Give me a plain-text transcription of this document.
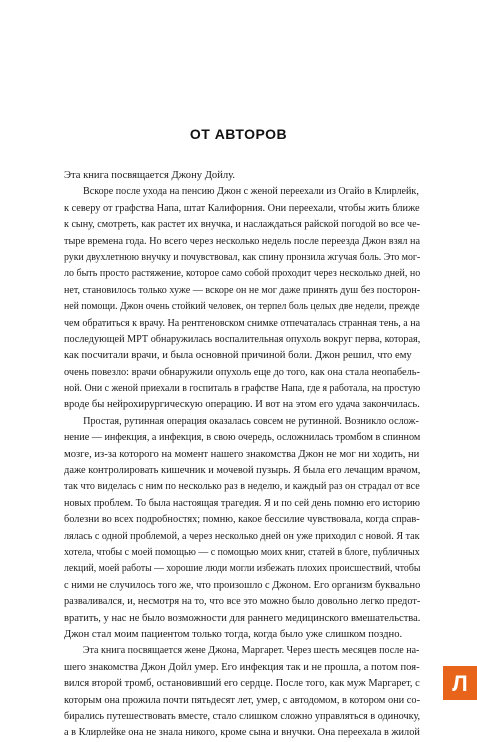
ОТ АВТОРОВ
Эта книга посвящается Джону Дойлу.
Вскоре после ухода на пенсию Джон с женой переехали из Огайо в Клирлейк,
к северу от графства Напа, штат Калифорния. Они переехали, чтобы жить ближе
к сыну, смотреть, как растет их внучка, и наслаждаться райской погодой во все че-
тыре времена года. Но всего через несколько недель после переезда Джон взял на
руки двухлетнюю внучку и почувствовал, как спину пронзила жгучая боль. Это мог-
ло быть просто растяжение, которое само собой проходит через несколько дней, но
нет, становилось только хуже — вскоре он не мог даже принять душ без посторон-
ней помощи. Джон очень стойкий человек, он терпел боль целых две недели, прежде
чем обратиться к врачу. На рентгеновском снимке отпечаталась странная тень, а на
последующей МРТ обнаружилась воспалительная опухоль вокруг первa, которая,
как посчитали врачи, и была основной причиной боли. Джон решил, что ему
очень повезло: врачи обнаружили опухоль еще до того, как она стала неопабель-
ной. Они с женой приехали в госпиталь в графстве Напа, где я работала, на простую
вроде бы нейрохирургическую операцию. И вот на этом его удача закончилась.
Простая, рутинная операция оказалась совсем не рутинной. Возникло ослож-
нение — инфекция, а инфекция, в свою очередь, осложнилась тромбом в спинном
мозге, из-за которого на момент нашего знакомства Джон не мог ни ходить, ни
даже контролировать кишечник и мочевой пузырь. Я была его лечащим врачом,
так что виделась с ним по несколько раз в неделю, и каждый раз он страдал от все
новых проблем. То была настоящая трагедия. Я и по сей день помню его историю
болезни во всех подробностях; помню, какое бессилие чувствовала, когда справ-
лялась с одной проблемой, а через несколько дней он уже приходил с новой. Я так
хотела, чтобы с моей помощью — с помощью моих книг, статей в блоге, публичных
лекций, моей работы — хорошие люди могли избежать плохих происшествий, чтобы
с ними не случилось того же, что произошло с Джоном. Его организм буквально
разваливался, и, несмотря на то, что все это можно было довольно легко предот-
вратить, у нас не было возможности для раннего медицинского вмешательства.
Джон стал моим пациентом только тогда, когда было уже слишком поздно.
Эта книга посвящается жене Джона, Маргарет. Через шесть месяцев после на-
шего знакомства Джон Дойл умер. Его инфекция так и не прошла, а потом поя-
вился второй тромб, остановивший его сердце. После того, как муж Маргарет, с
которым она прожила почти пятьдесят лет, умер, с автодомом, в котором они со-
бирались путешествовать вместе, стало слишком сложно управляться в одиночку,
а в Клирлейке она не знала никого, кроме сына и внучки. Она переехала в жилой
Л
